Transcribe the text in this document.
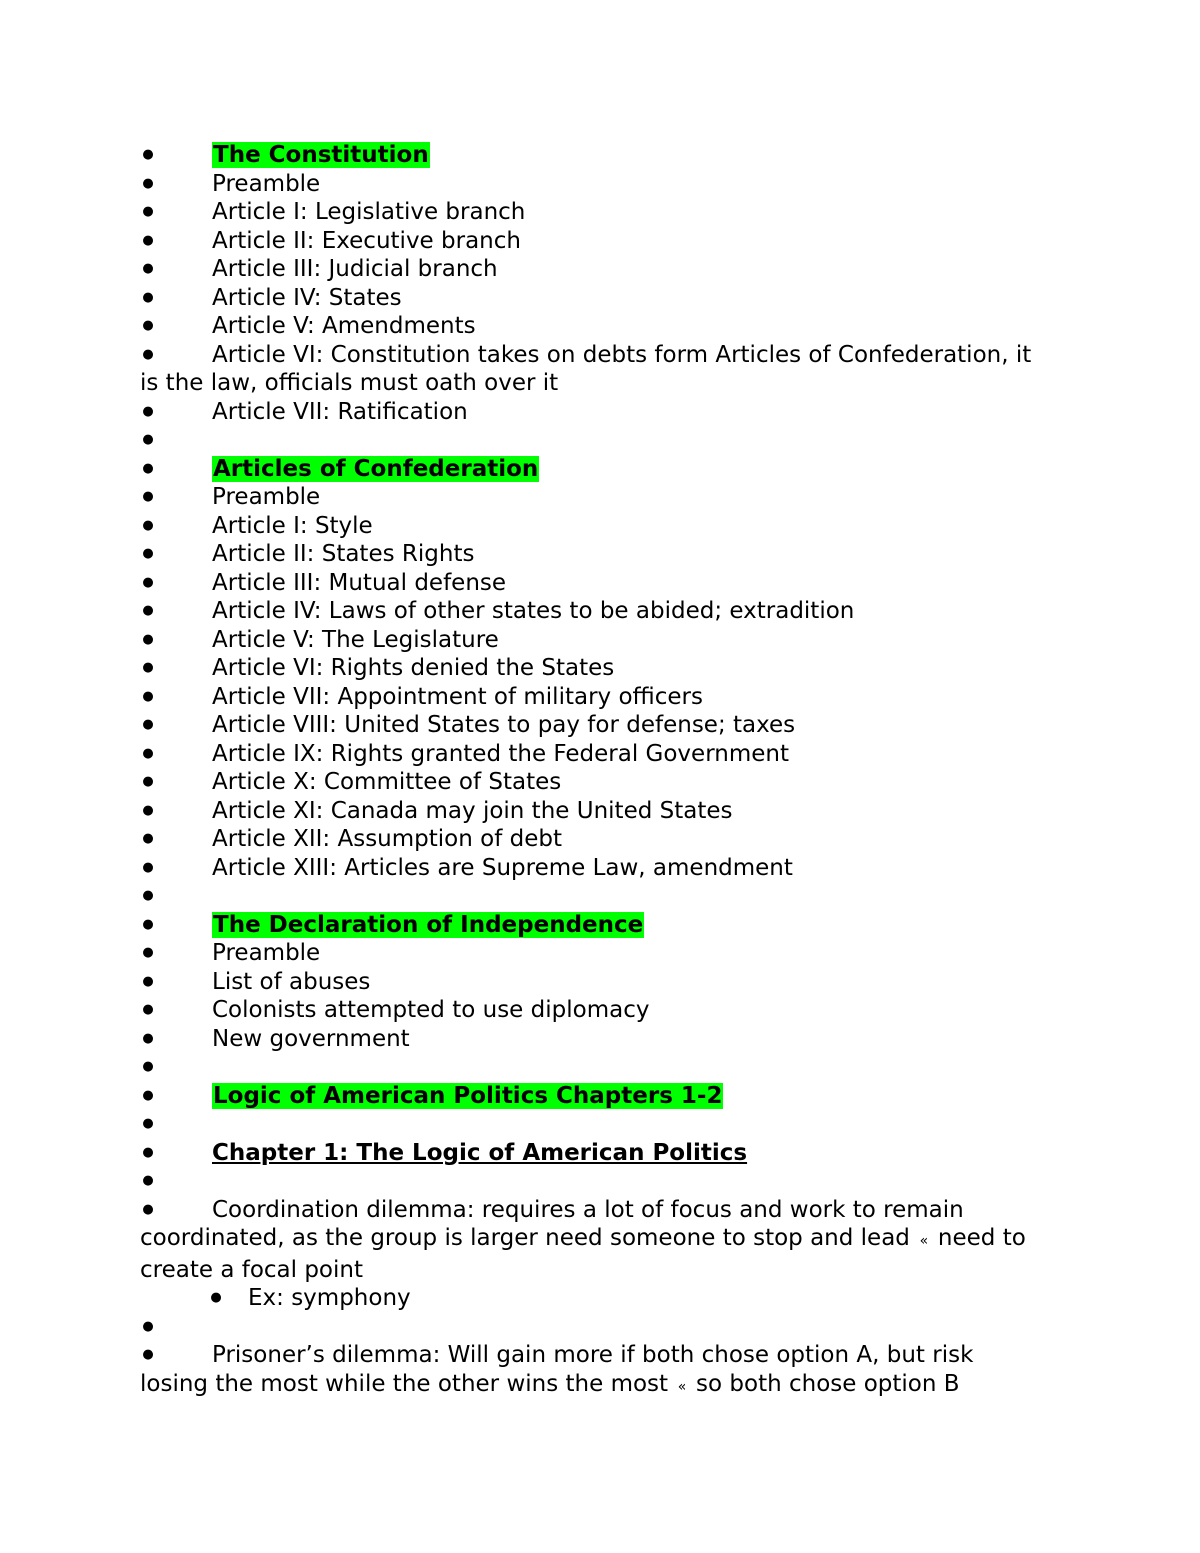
●	The Constitution
●	Preamble
●	Article I: Legislative branch
●	Article II: Executive branch
●	Article III: Judicial branch
●	Article IV: States
●	Article V: Amendments
●	Article VI: Constitution takes on debts form Articles of Confederation, it is the law, officials must oath over it
●	Article VII: Ratification
●
●	Articles of Confederation
●	Preamble
●	Article I: Style
●	Article II: States Rights
●	Article III: Mutual defense
●	Article IV: Laws of other states to be abided; extradition
●	Article V: The Legislature
●	Article VI: Rights denied the States
●	Article VII: Appointment of military officers
●	Article VIII: United States to pay for defense; taxes
●	Article IX: Rights granted the Federal Government
●	Article X: Committee of States
●	Article XI: Canada may join the United States
●	Article XII: Assumption of debt
●	Article XIII: Articles are Supreme Law, amendment
●
●	The Declaration of Independence
●	Preamble
●	List of abuses
●	Colonists attempted to use diplomacy
●	New government
●
●	Logic of American Politics Chapters 1-2
●
●	Chapter 1: The Logic of American Politics
●
●	Coordination dilemma: requires a lot of focus and work to remain coordinated, as the group is larger need someone to stop and lead « need to create a focal point
● Ex: symphony
●
●	Prisoner’s dilemma: Will gain more if both chose option A, but risk losing the most while the other wins the most « so both chose option B
